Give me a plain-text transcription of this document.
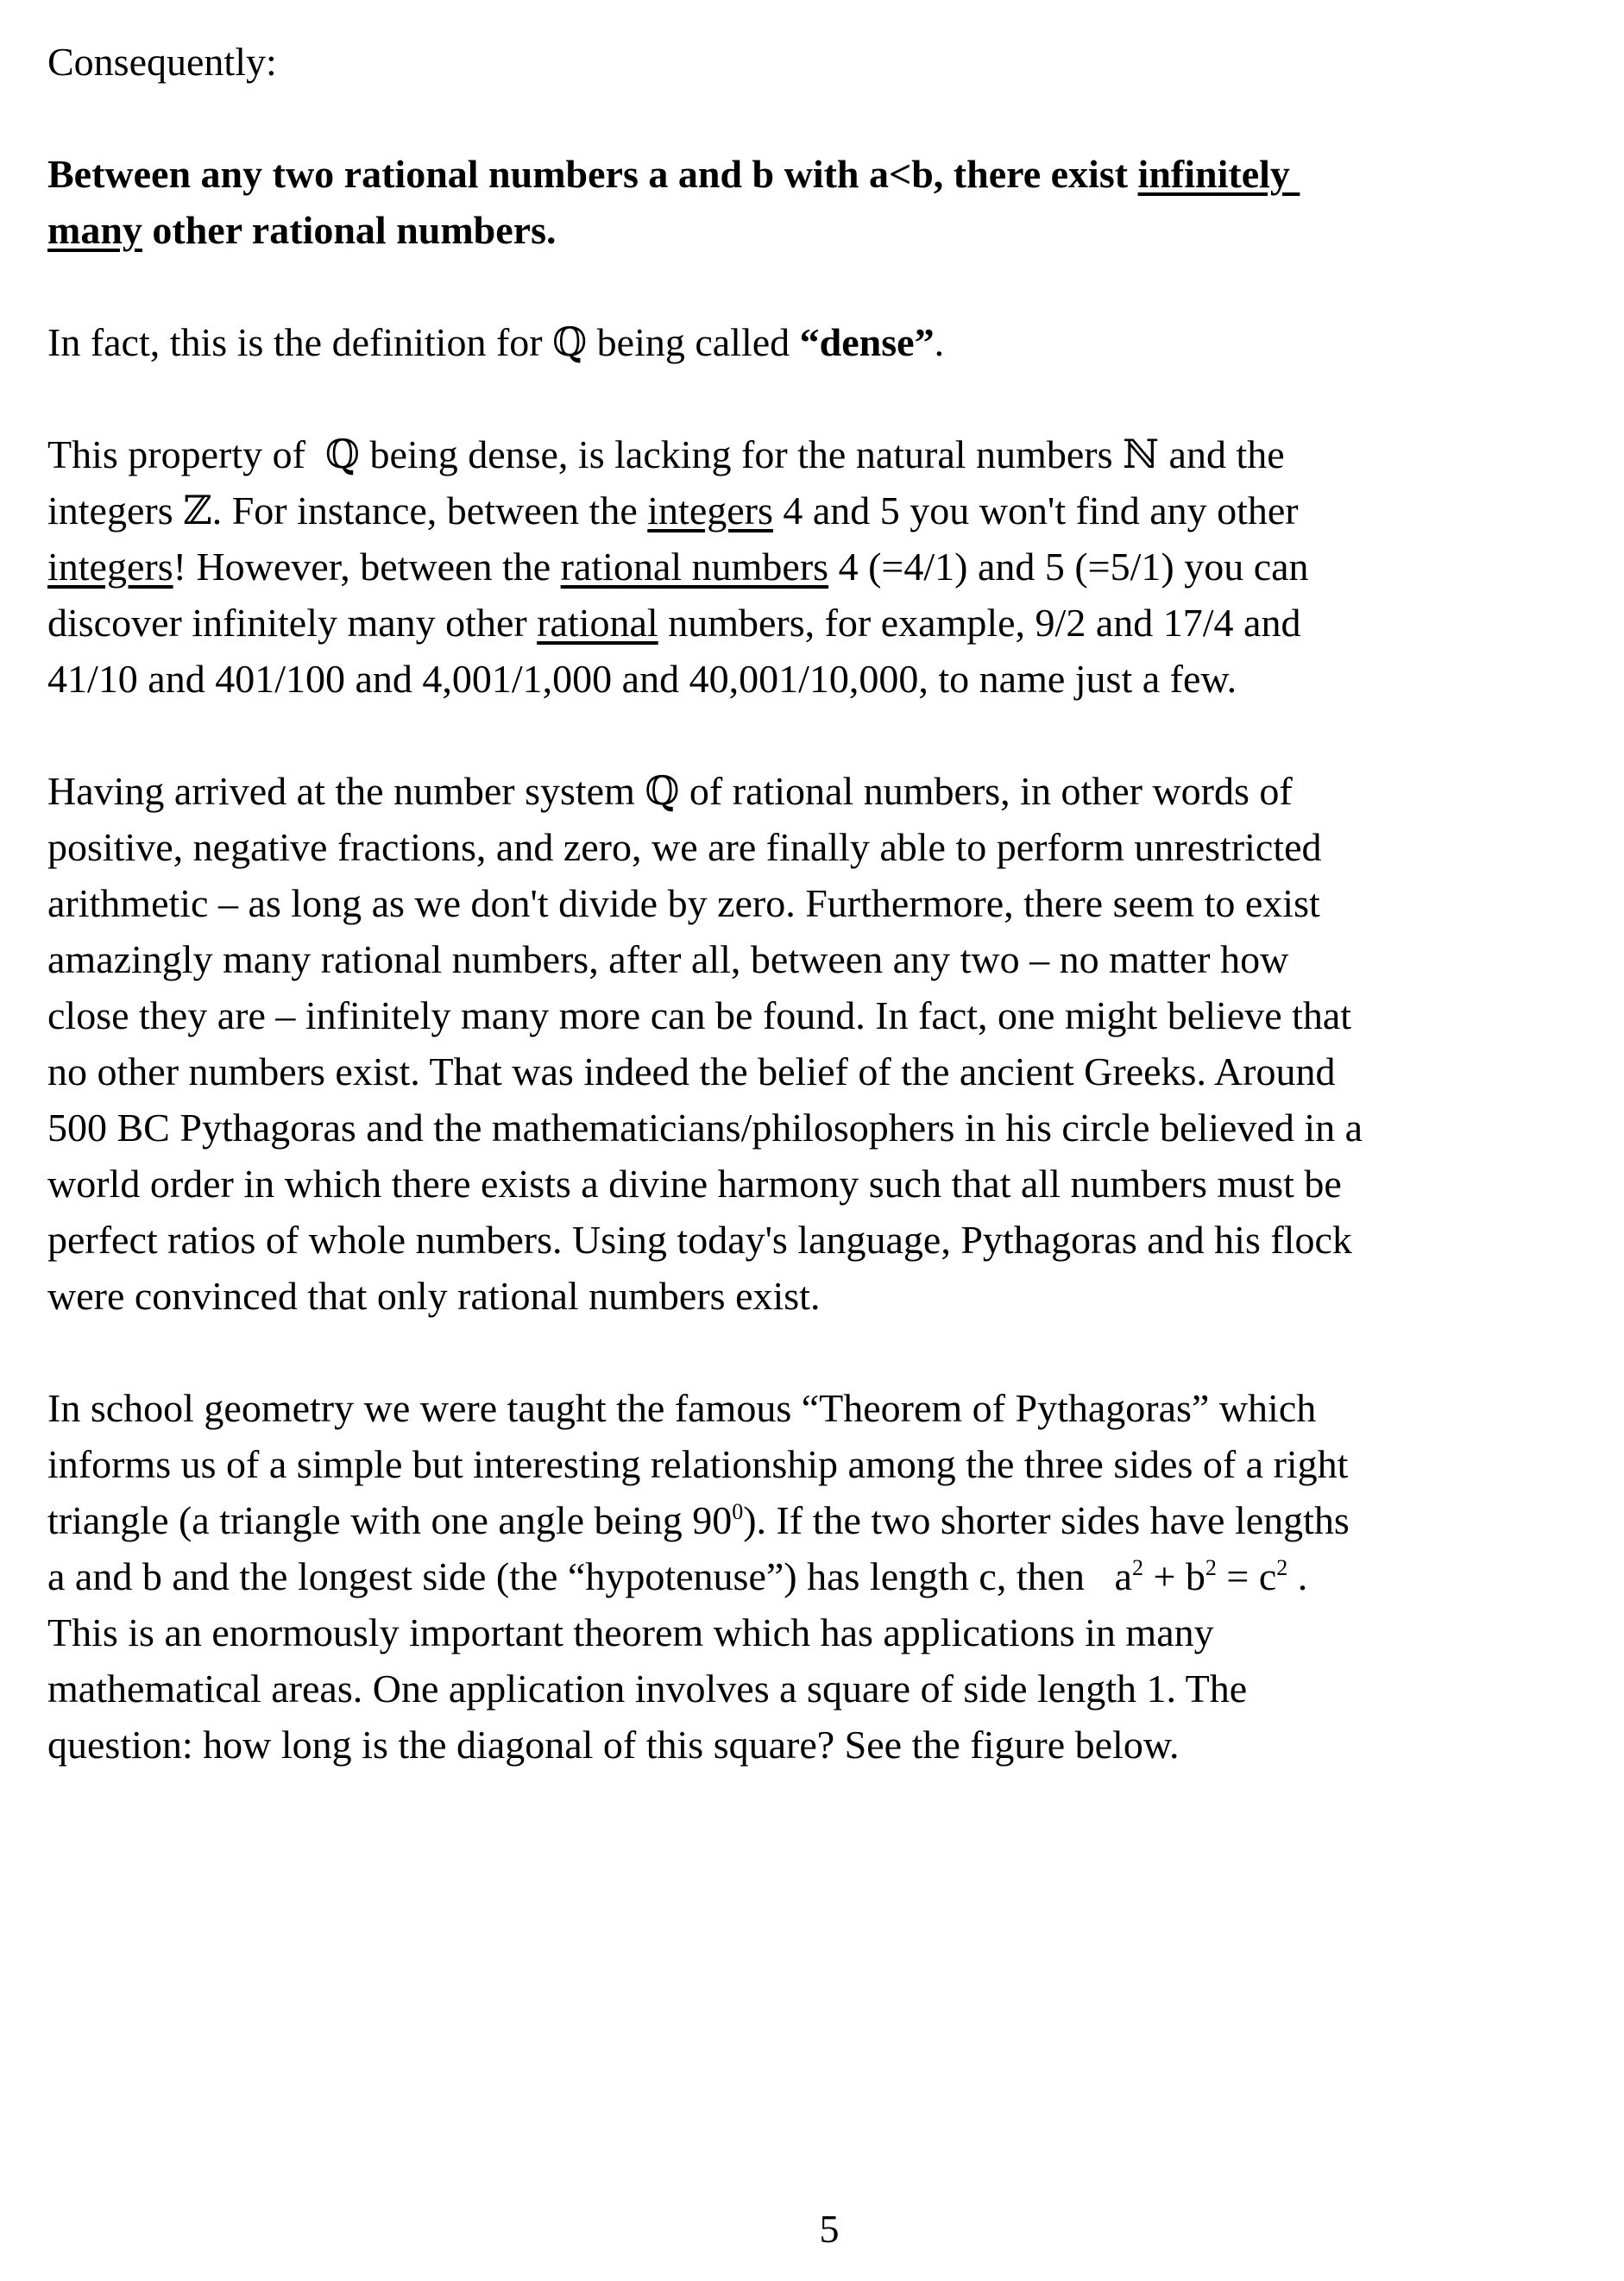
Consequently:
Between any two rational numbers a and b with a<b, there exist infinitely
many other rational numbers.
In fact, this is the definition for ℚ being called “dense”.
This property of  ℚ being dense, is lacking for the natural numbers ℕ and the
integers ℤ. For instance, between the integers 4 and 5 you won't find any other
integers! However, between the rational numbers 4 (=4/1) and 5 (=5/1) you can
discover infinitely many other rational numbers, for example, 9/2 and 17/4 and
41/10 and 401/100 and 4,001/1,000 and 40,001/10,000, to name just a few.
Having arrived at the number system ℚ of rational numbers, in other words of
positive, negative fractions, and zero, we are finally able to perform unrestricted
arithmetic – as long as we don't divide by zero. Furthermore, there seem to exist
amazingly many rational numbers, after all, between any two – no matter how
close they are – infinitely many more can be found. In fact, one might believe that
no other numbers exist. That was indeed the belief of the ancient Greeks. Around
500 BC Pythagoras and the mathematicians/philosophers in his circle believed in a
world order in which there exists a divine harmony such that all numbers must be
perfect ratios of whole numbers. Using today's language, Pythagoras and his flock
were convinced that only rational numbers exist.
In school geometry we were taught the famous “Theorem of Pythagoras” which
informs us of a simple but interesting relationship among the three sides of a right
triangle (a triangle with one angle being $90^0$). If the two shorter sides have lengths
a and b and the longest side (the “hypotenuse”) has length c, then   $a^2 + b^2 = c^2$ .
This is an enormously important theorem which has applications in many
mathematical areas. One application involves a square of side length 1. The
question: how long is the diagonal of this square? See the figure below.
5
